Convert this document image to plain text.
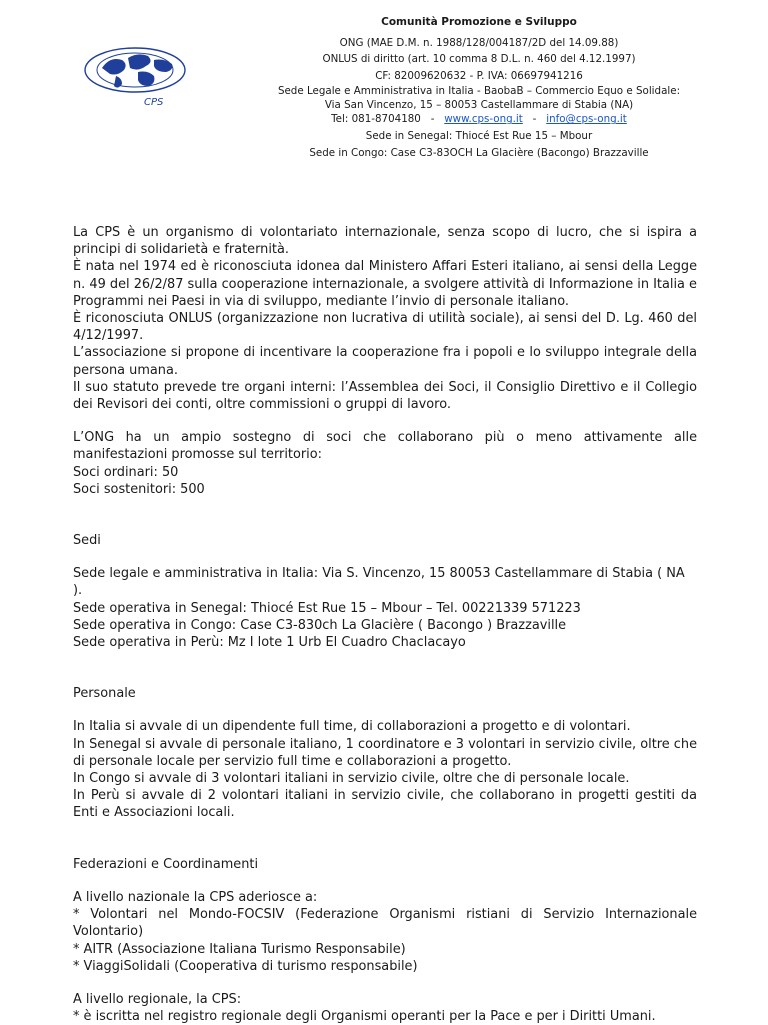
CPS
Comunità Promozione e Sviluppo
ONG (MAE D.M. n. 1988/128/004187/2D del 14.09.88)
ONLUS di diritto (art. 10 comma 8 D.L. n. 460 del 4.12.1997)
CF: 82009620632 - P. IVA: 06697941216
Sede Legale e Amministrativa in Italia - BaobaB – Commercio Equo e Solidale:
Via San Vincenzo, 15 – 80053 Castellammare di Stabia (NA)
Tel: 081-8704180 - www.cps-ong.it - info@cps-ong.it
Sede in Senegal: Thiocé Est Rue 15 – Mbour
Sede in Congo: Case C3-83OCH La Glacière (Bacongo) Brazzaville

La CPS è un organismo di volontariato internazionale, senza scopo di lucro, che si ispira a principi di solidarietà e fraternità.

È nata nel 1974 ed è riconosciuta idonea dal Ministero Affari Esteri italiano, ai sensi della Legge n. 49 del 26/2/87 sulla cooperazione internazionale, a svolgere attività di Informazione in Italia e Programmi nei Paesi in via di sviluppo, mediante l’invio di personale italiano.

È riconosciuta ONLUS (organizzazione non lucrativa di utilità sociale), ai sensi del D. Lg. 460 del 4/12/1997.

L’associazione si propone di incentivare la cooperazione fra i popoli e lo sviluppo integrale della persona umana.

Il suo statuto prevede tre organi interni: l’Assemblea dei Soci, il Consiglio Direttivo e il Collegio dei Revisori dei conti, oltre commissioni o gruppi di lavoro.

L’ONG ha un ampio sostegno di soci che collaborano più o meno attivamente alle manifestazioni promosse sul territorio:

Soci ordinari: 50

Soci sostenitori: 500

Sedi

Sede legale e amministrativa in Italia: Via S. Vincenzo, 15 80053 Castellammare di Stabia ( NA ).

Sede operativa in Senegal: Thiocé Est Rue 15 – Mbour – Tel. 00221339 571223

Sede operativa in Congo: Case C3-830ch La Glacière ( Bacongo ) Brazzaville

Sede operativa in Perù: Mz I lote 1 Urb El Cuadro Chaclacayo

Personale

In Italia si avvale di un dipendente full time, di collaborazioni a progetto e di volontari.

In Senegal si avvale di personale italiano, 1 coordinatore e 3 volontari in servizio civile, oltre che di personale locale per servizio full time e collaborazioni a progetto.

In Congo si avvale di 3 volontari italiani in servizio civile, oltre che di personale locale.

In Perù si avvale di 2 volontari italiani in servizio civile, che collaborano in progetti gestiti da Enti e Associazioni locali.

Federazioni e Coordinamenti

A livello nazionale la CPS aderiosce a:

* Volontari nel Mondo-FOCSIV (Federazione Organismi ristiani di Servizio Internazionale Volontario)

* AITR (Associazione Italiana Turismo Responsabile)

* ViaggiSolidali (Cooperativa di turismo responsabile)

A livello regionale, la CPS:

* è iscritta nel registro regionale degli Organismi operanti per la Pace e per i Diritti Umani.
